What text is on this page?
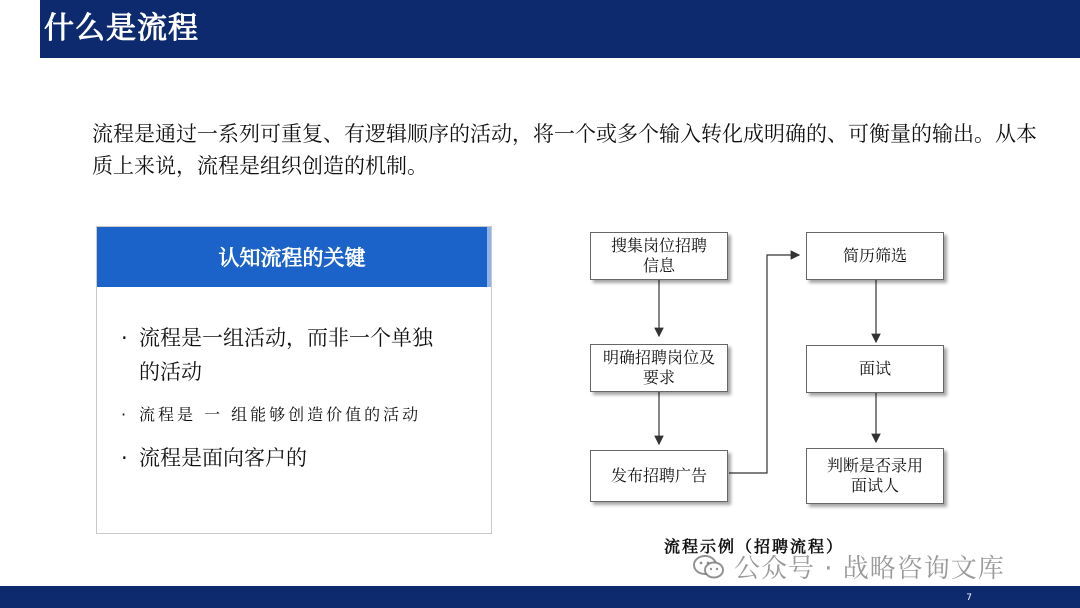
什么是流程
流程是通过一系列可重复、有逻辑顺序的活动，将一个或多个输入转化成明确的、可衡量的输出。从本质上来说，流程是组织创造的机制。
认知流程的关键
· 流程是一组活动，而非一个单独
的活动
· 流程是 一 组能够创造价值的活动
· 流程是面向客户的
搜集岗位招聘信息
明确招聘岗位及要求
发布招聘广告
简历筛选
面试
判断是否录用面试人
流程示例（招聘流程）
公众号 · 战略咨询文库
7
